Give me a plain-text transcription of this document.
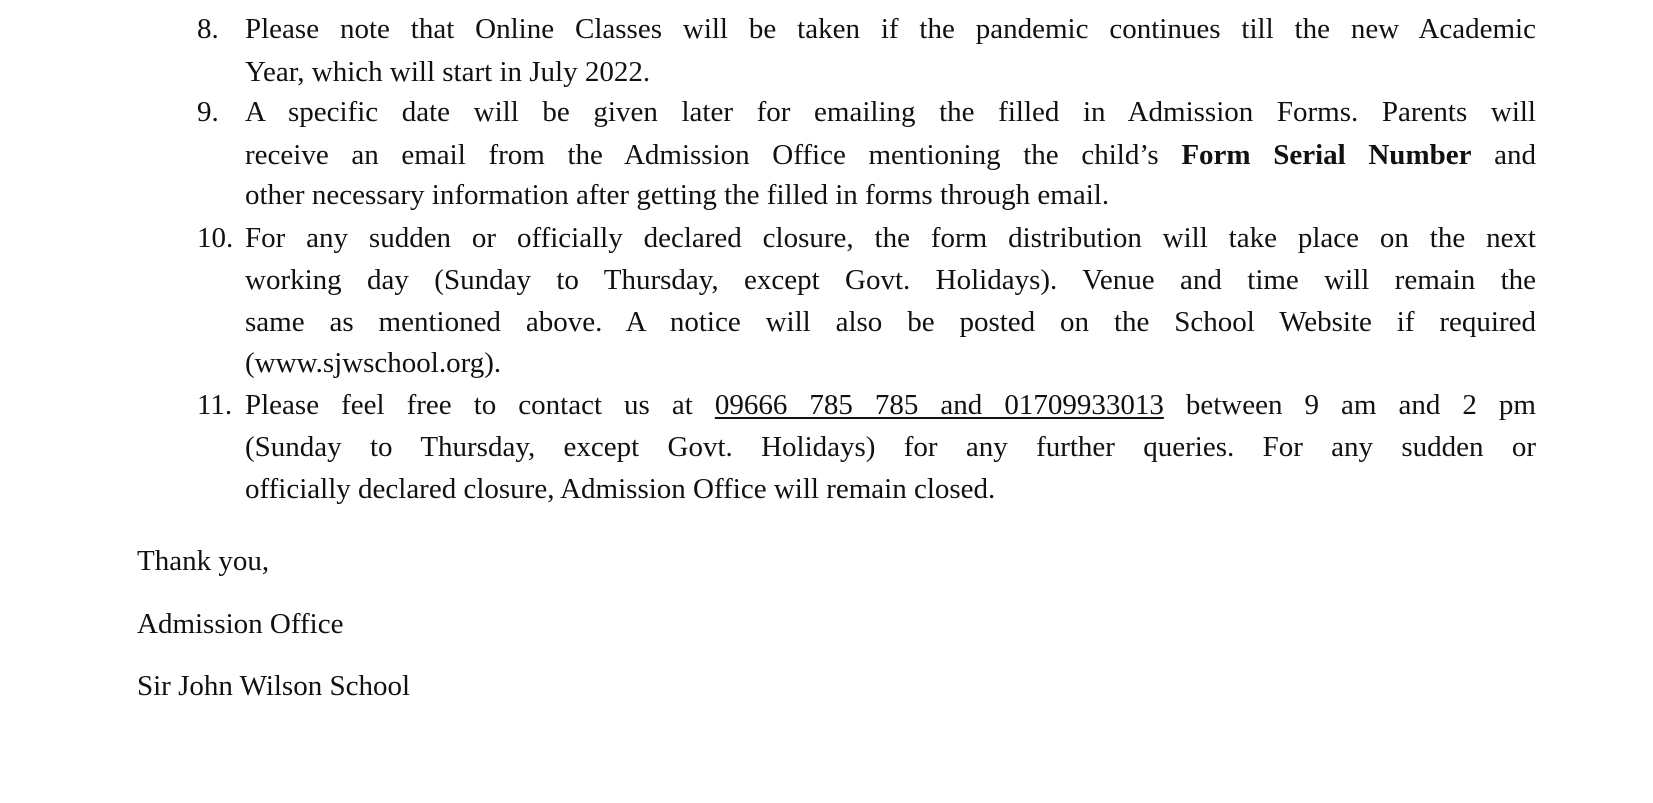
8. Please note that Online Classes will be taken if the pandemic continues till the new Academic
Year, which will start in July 2022.
9. A specific date will be given later for emailing the filled in Admission Forms. Parents will
receive an email from the Admission Office mentioning the child’s Form Serial Number and
other necessary information after getting the filled in forms through email.
10. For any sudden or officially declared closure, the form distribution will take place on the next
working day (Sunday to Thursday, except Govt. Holidays). Venue and time will remain the
same as mentioned above. A notice will also be posted on the School Website if required
(www.sjwschool.org).
11. Please feel free to contact us at 09666 785 785 and 01709933013 between 9 am and 2 pm
(Sunday to Thursday, except Govt. Holidays) for any further queries. For any sudden or
officially declared closure, Admission Office will remain closed.
Thank you,
Admission Office
Sir John Wilson School
